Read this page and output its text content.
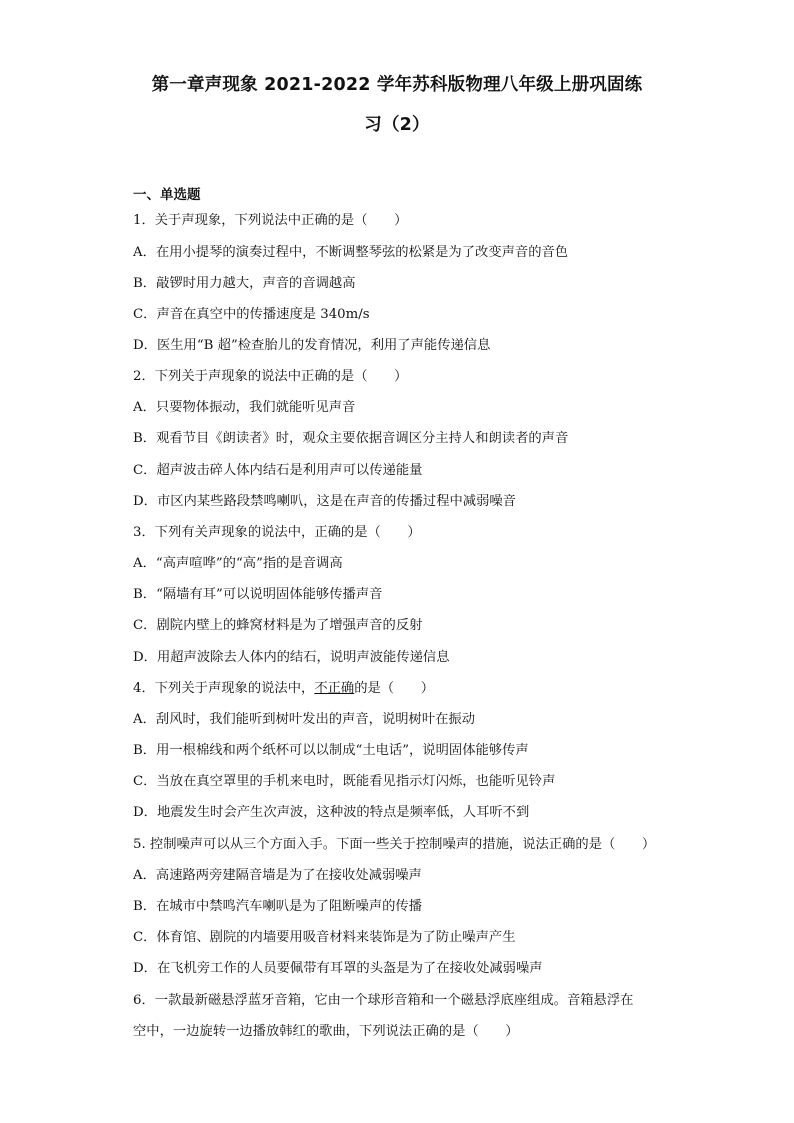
第一章声现象 2021-2022 学年苏科版物理八年级上册巩固练
习（2）
一、单选题
1．关于声现象，下列说法中正确的是（　　）
A．在用小提琴的演奏过程中，不断调整琴弦的松紧是为了改变声音的音色
B．敲锣时用力越大，声音的音调越高
C．声音在真空中的传播速度是 340m/s
D．医生用“B 超”检查胎儿的发育情况，利用了声能传递信息
2．下列关于声现象的说法中正确的是（　　）
A．只要物体振动，我们就能听见声音
B．观看节目《朗读者》时，观众主要依据音调区分主持人和朗读者的声音
C．超声波击碎人体内结石是利用声可以传递能量
D．市区内某些路段禁鸣喇叭，这是在声音的传播过程中减弱噪音
3．下列有关声现象的说法中，正确的是（　　）
A．“高声喧哗”的“高”指的是音调高
B．“隔墙有耳”可以说明固体能够传播声音
C．剧院内壁上的蜂窝材料是为了增强声音的反射
D．用超声波除去人体内的结石，说明声波能传递信息
4．下列关于声现象的说法中，不正确的是（　　）
A．刮风时，我们能听到树叶发出的声音，说明树叶在振动
B．用一根棉线和两个纸杯可以以制成“土电话”，说明固体能够传声
C．当放在真空罩里的手机来电时，既能看见指示灯闪烁，也能听见铃声
D．地震发生时会产生次声波，这种波的特点是频率低，人耳听不到
5. 控制噪声可以从三个方面入手。下面一些关于控制噪声的措施，说法正确的是（　　）
A．高速路两旁建隔音墙是为了在接收处减弱噪声
B．在城市中禁鸣汽车喇叭是为了阻断噪声的传播
C．体育馆、剧院的内墙要用吸音材料来装饰是为了防止噪声产生
D．在飞机旁工作的人员要佩带有耳罩的头盔是为了在接收处减弱噪声
6．一款最新磁悬浮蓝牙音箱，它由一个球形音箱和一个磁悬浮底座组成。音箱悬浮在
空中，一边旋转一边播放韩红的歌曲，下列说法正确的是（　　）
